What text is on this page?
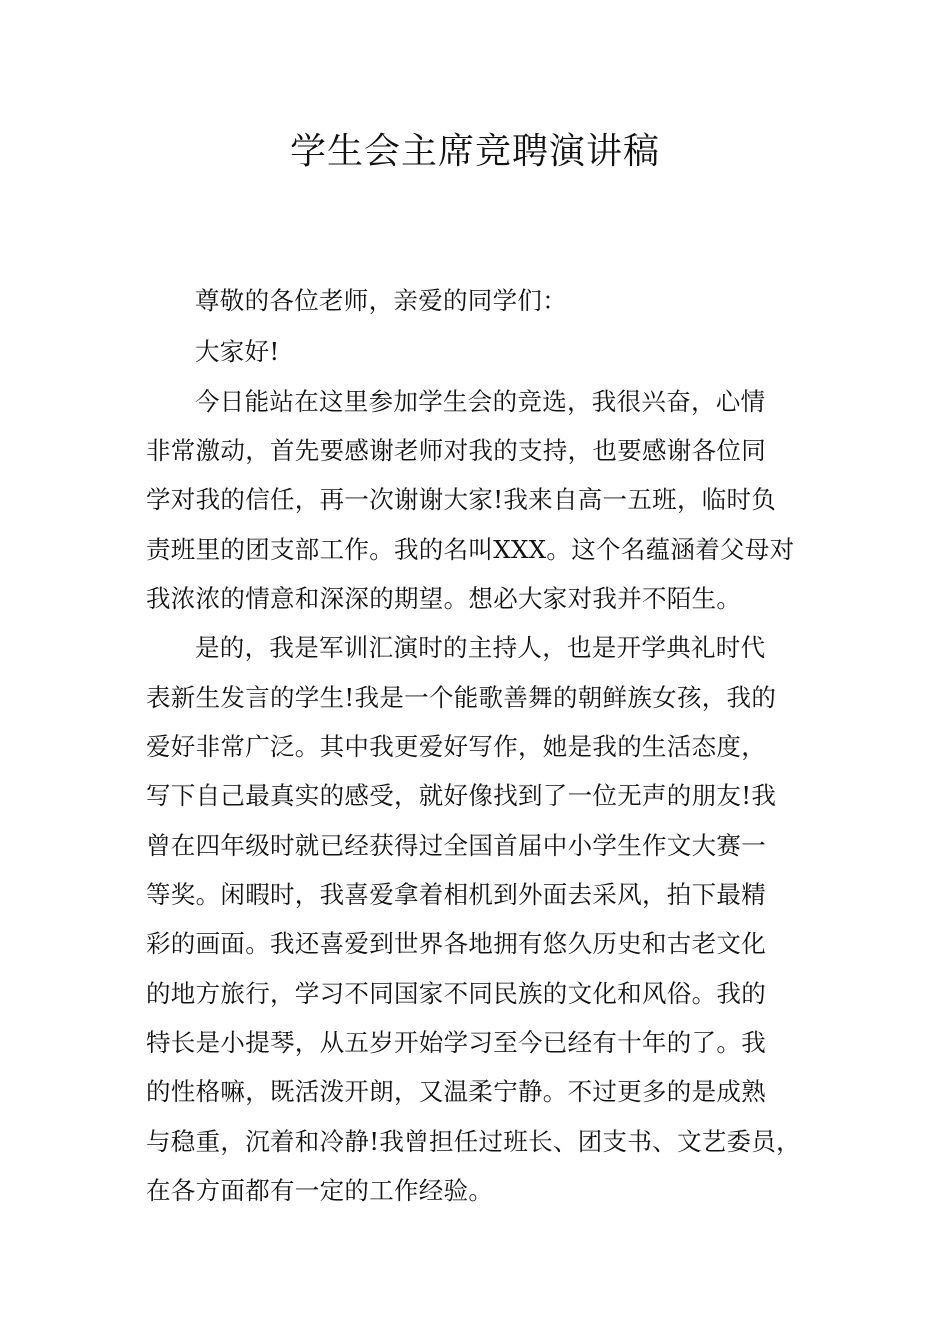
学生会主席竞聘演讲稿
尊敬的各位老师，亲爱的同学们：
大家好!
今日能站在这里参加学生会的竞选，我很兴奋，心情
非常激动，首先要感谢老师对我的支持，也要感谢各位同
学对我的信任，再一次谢谢大家!我来自高一五班，临时负
责班里的团支部工作。我的名叫XXX。这个名蕴涵着父母对
我浓浓的情意和深深的期望。想必大家对我并不陌生。
是的，我是军训汇演时的主持人，也是开学典礼时代
表新生发言的学生!我是一个能歌善舞的朝鲜族女孩，我的
爱好非常广泛。其中我更爱好写作，她是我的生活态度，
写下自己最真实的感受，就好像找到了一位无声的朋友!我
曾在四年级时就已经获得过全国首届中小学生作文大赛一
等奖。闲暇时，我喜爱拿着相机到外面去采风，拍下最精
彩的画面。我还喜爱到世界各地拥有悠久历史和古老文化
的地方旅行，学习不同国家不同民族的文化和风俗。我的
特长是小提琴，从五岁开始学习至今已经有十年的了。我
的性格嘛，既活泼开朗，又温柔宁静。不过更多的是成熟
与稳重，沉着和冷静!我曾担任过班长、团支书、文艺委员，
在各方面都有一定的工作经验。
